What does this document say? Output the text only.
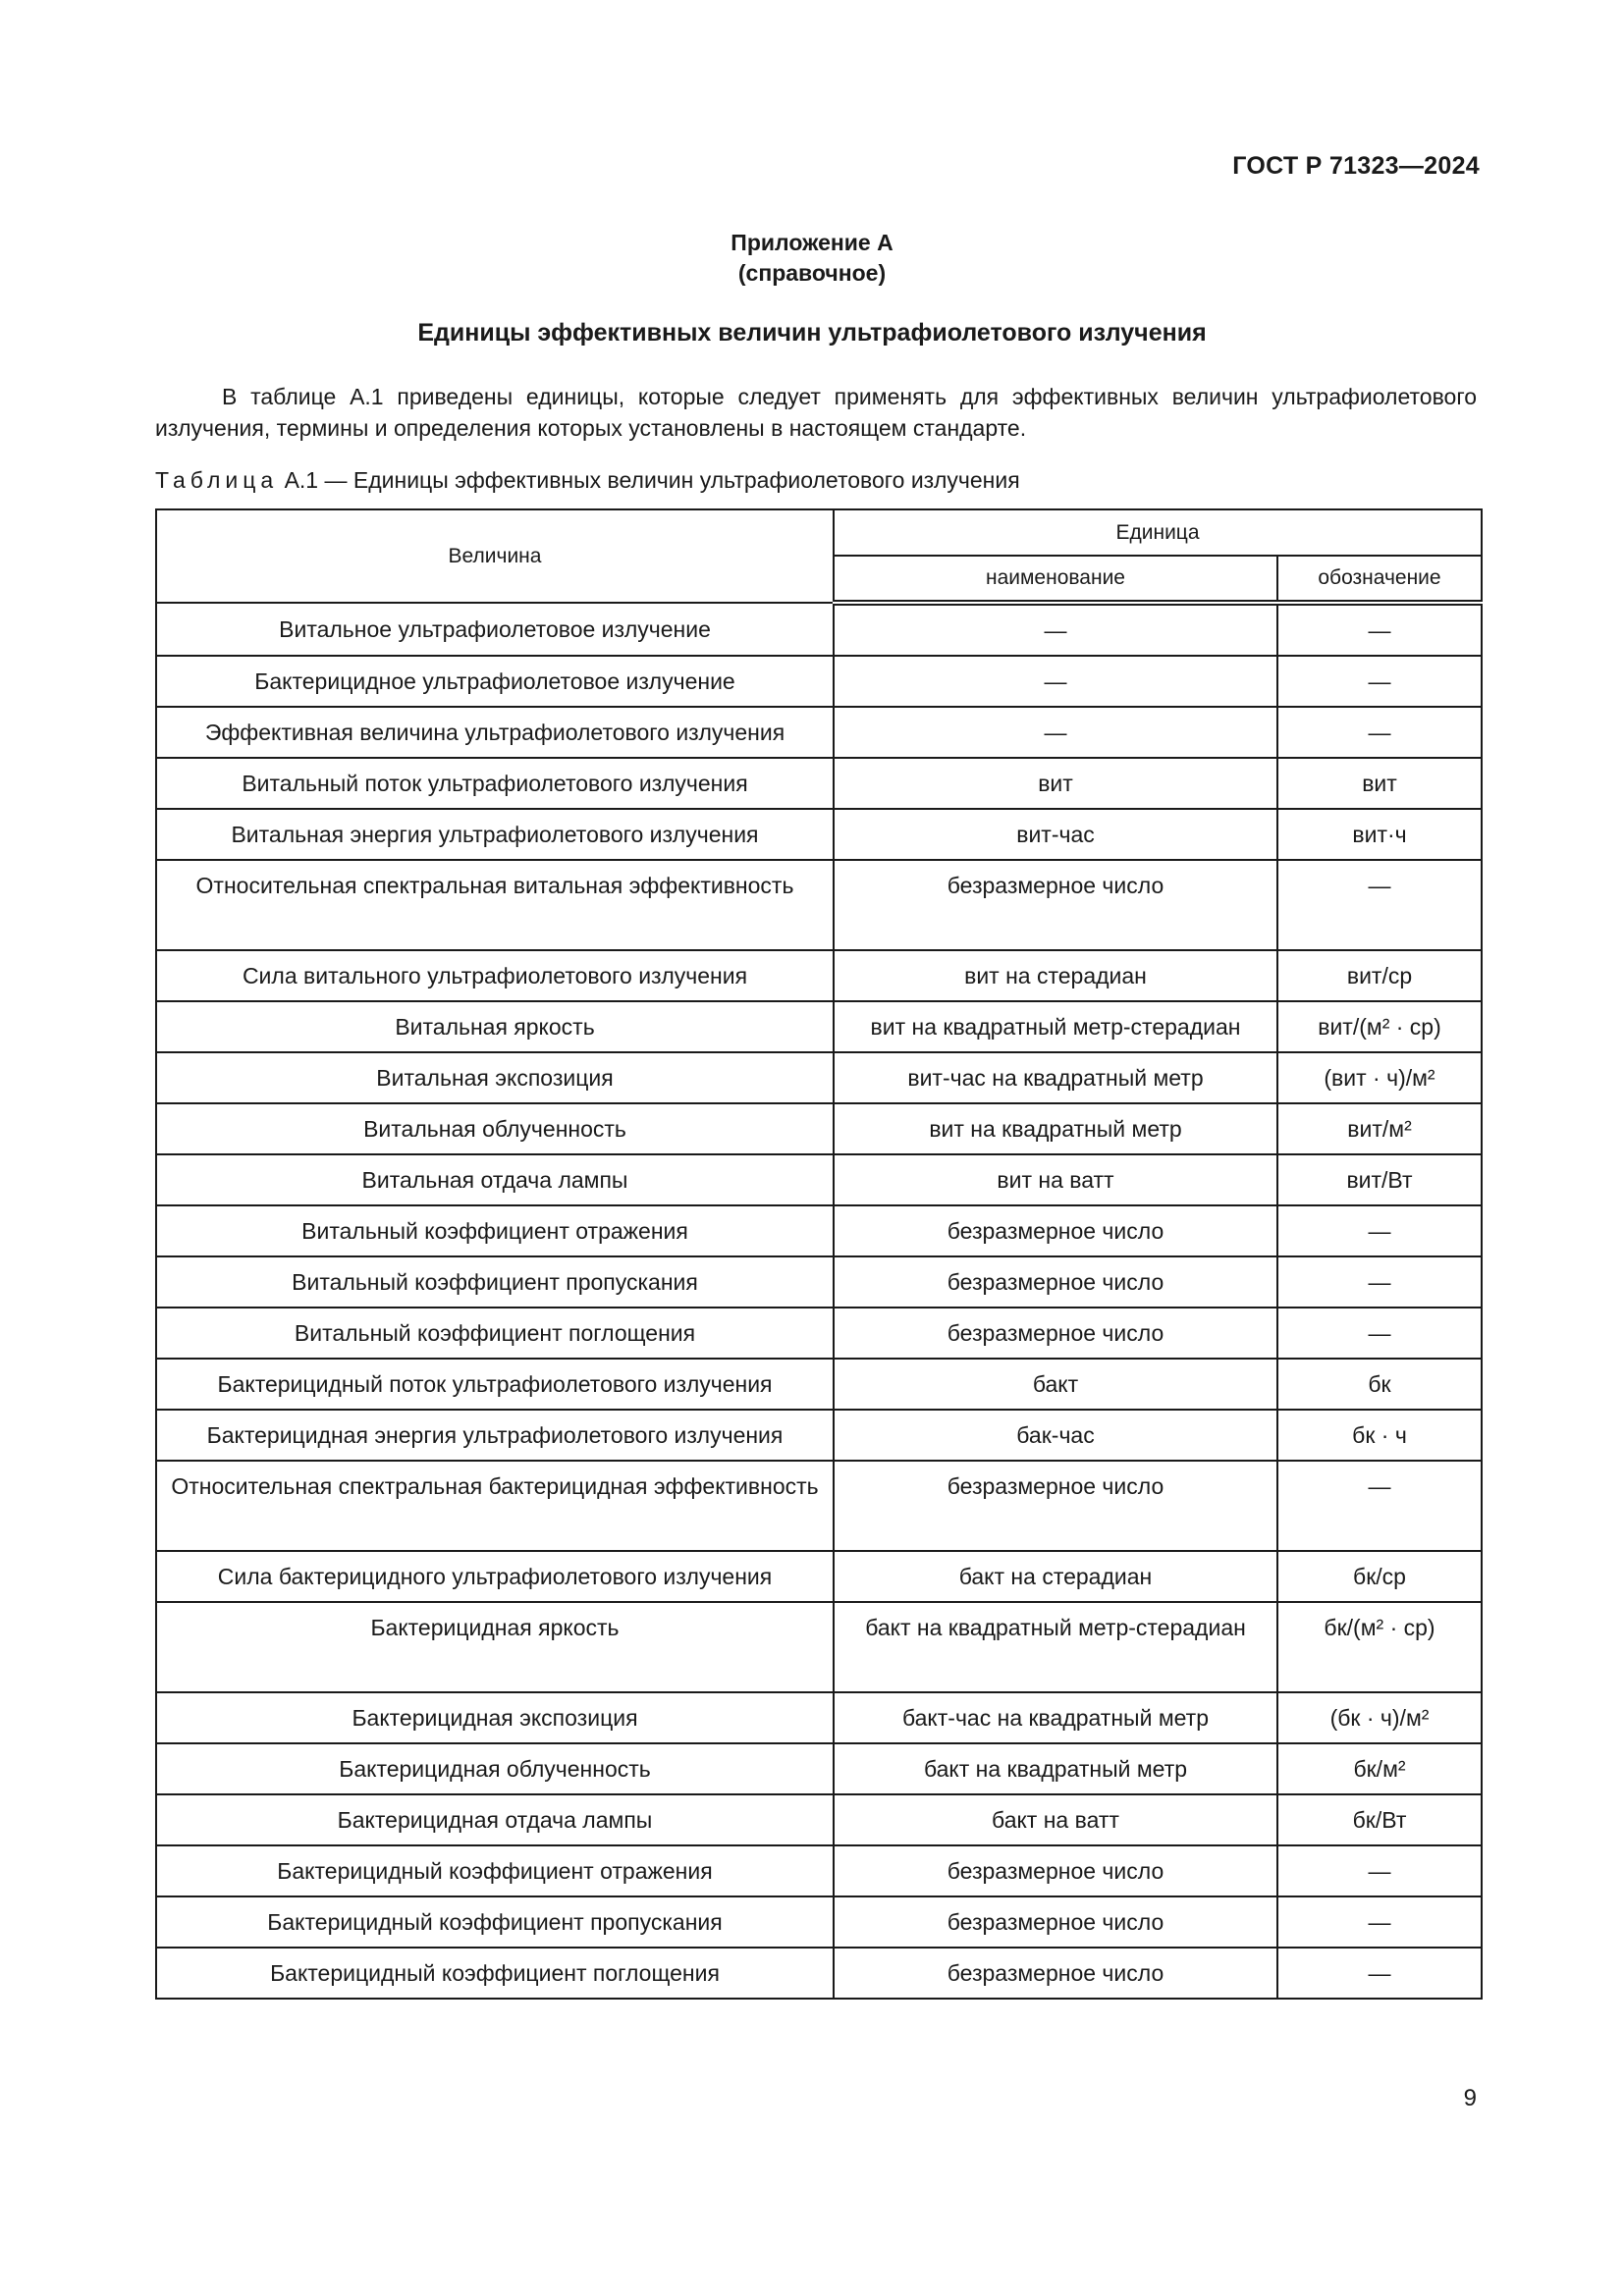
ГОСТ Р 71323—2024
Приложение А
(справочное)
Единицы эффективных величин ультрафиолетового излучения

В таблице А.1 приведены единицы, которые следует применять для эффективных величин ультрафиолетового излучения, термины и определения которых установлены в настоящем стандарте.

Таблица А.1 — Единицы эффективных величин ультрафиолетового излучения
Величина	Единица	
	наименование	обозначение
Витальное ультрафиолетовое излучение	—	—
Бактерицидное ультрафиолетовое излучение	—	—
Эффективная величина ультрафиолетового излучения	—	—
Витальный поток ультрафиолетового излучения	вит	вит
Витальная энергия ультрафиолетового излучения	вит-час	вит·ч
Относительная спектральная витальная эффективность	безразмерное число	—
Сила витального ультрафиолетового излучения	вит на стерадиан	вит/ср
Витальная яркость	вит на квадратный метр-стерадиан	вит/(м² · ср)
Витальная экспозиция	вит-час на квадратный метр	(вит · ч)/м²
Витальная облученность	вит на квадратный метр	вит/м²
Витальная отдача лампы	вит на ватт	вит/Вт
Витальный коэффициент отражения	безразмерное число	—
Витальный коэффициент пропускания	безразмерное число	—
Витальный коэффициент поглощения	безразмерное число	—
Бактерицидный поток ультрафиолетового излучения	бакт	бк
Бактерицидная энергия ультрафиолетового излучения	бак-час	бк · ч
Относительная спектральная бактерицидная эффективность	безразмерное число	—
Сила бактерицидного ультрафиолетового излучения	бакт на стерадиан	бк/ср
Бактерицидная яркость	бакт на квадратный метр-стерадиан	бк/(м² · ср)
Бактерицидная экспозиция	бакт-час на квадратный метр	(бк · ч)/м²
Бактерицидная облученность	бакт на квадратный метр	бк/м²
Бактерицидная отдача лампы	бакт на ватт	бк/Вт
Бактерицидный коэффициент отражения	безразмерное число	—
Бактерицидный коэффициент пропускания	безразмерное число	—
Бактерицидный коэффициент поглощения	безразмерное число	—
9
